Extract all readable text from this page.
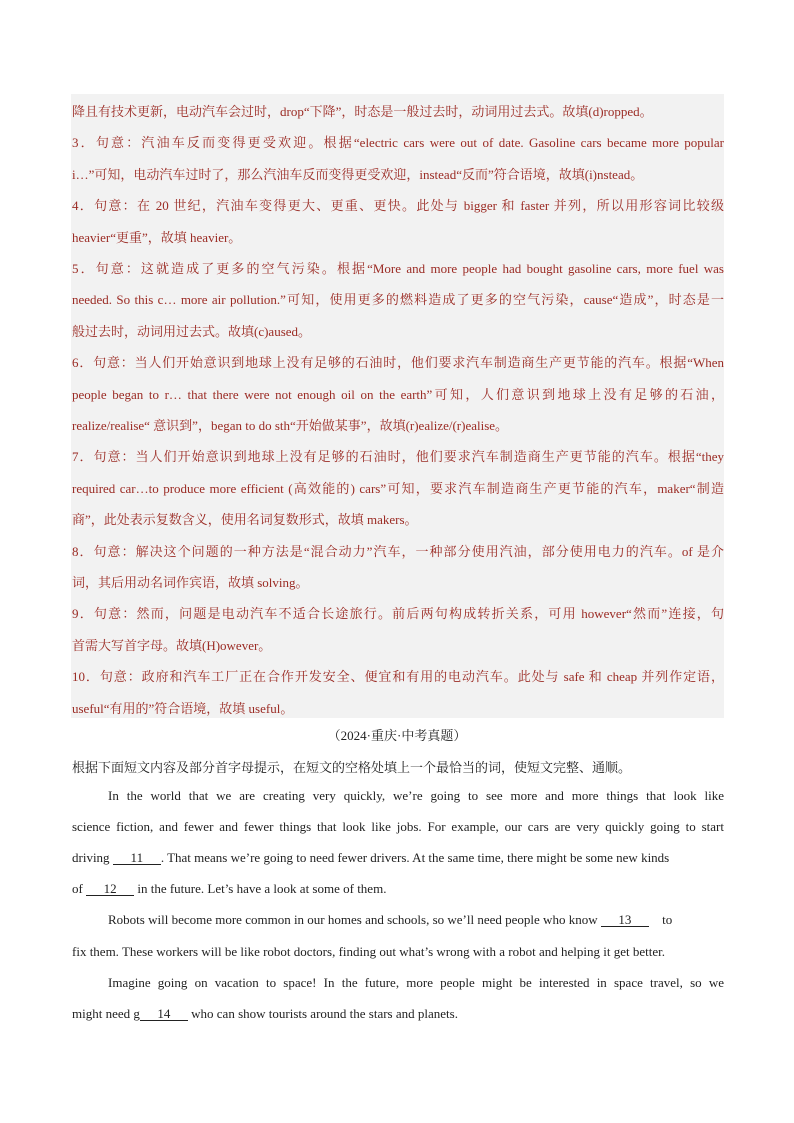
降且有技术更新，电动汽车会过时，drop“下降”，时态是一般过去时，动词用过去式。故填(d)ropped。
3．句意：汽油车反而变得更受欢迎。根据“electric cars were out of date. Gasoline cars became more popular
i…”可知，电动汽车过时了，那么汽油车反而变得更受欢迎，instead“反而”符合语境，故填(i)nstead。
4．句意：在 20 世纪，汽油车变得更大、更重、更快。此处与 bigger 和 faster 并列，所以用形容词比较级
heavier“更重”，故填 heavier。
5．句意：这就造成了更多的空气污染。根据“More and more people had bought gasoline cars, more fuel was
needed. So this c… more air pollution.”可知，使用更多的燃料造成了更多的空气污染，cause“造成”，时态是一
般过去时，动词用过去式。故填(c)aused。
6．句意：当人们开始意识到地球上没有足够的石油时，他们要求汽车制造商生产更节能的汽车。根据“When
people began to r… that there were not enough oil on the earth”可知，人们意识到地球上没有足够的石油，
realize/realise“ 意识到”，began to do sth“开始做某事”，故填(r)ealize/(r)ealise。
7．句意：当人们开始意识到地球上没有足够的石油时，他们要求汽车制造商生产更节能的汽车。根据“they
required car…to produce more efficient (高效能的) cars”可知，要求汽车制造商生产更节能的汽车，maker“制造
商”，此处表示复数含义，使用名词复数形式，故填 makers。
8．句意：解决这个问题的一种方法是“混合动力”汽车，一种部分使用汽油，部分使用电力的汽车。of 是介
词，其后用动名词作宾语，故填 solving。
9．句意：然而，问题是电动汽车不适合长途旅行。前后两句构成转折关系，可用 however“然而”连接，句
首需大写首字母。故填(H)owever。
10．句意：政府和汽车工厂正在合作开发安全、便宜和有用的电动汽车。此处与 safe 和 cheap 并列作定语，
useful“有用的”符合语境，故填 useful。
（2024·重庆·中考真题）
根据下面短文内容及部分首字母提示，在短文的空格处填上一个最恰当的词，使短文完整、通顺。
In the world that we are creating very quickly, we’re going to see more and more things that look like
science fiction, and fewer and fewer things that look like jobs. For example, our cars are very quickly going to start
driving 11 . That means we’re going to need fewer drivers. At the same time, there might be some new kinds
of 12 in the future. Let’s have a look at some of them.
Robots will become more common in our homes and schools, so we’ll need people who know 13 to
fix them. These workers will be like robot doctors, finding out what’s wrong with a robot and helping it get better.
Imagine going on vacation to space! In the future, more people might be interested in space travel, so we
might need g 14 who can show tourists around the stars and planets.
